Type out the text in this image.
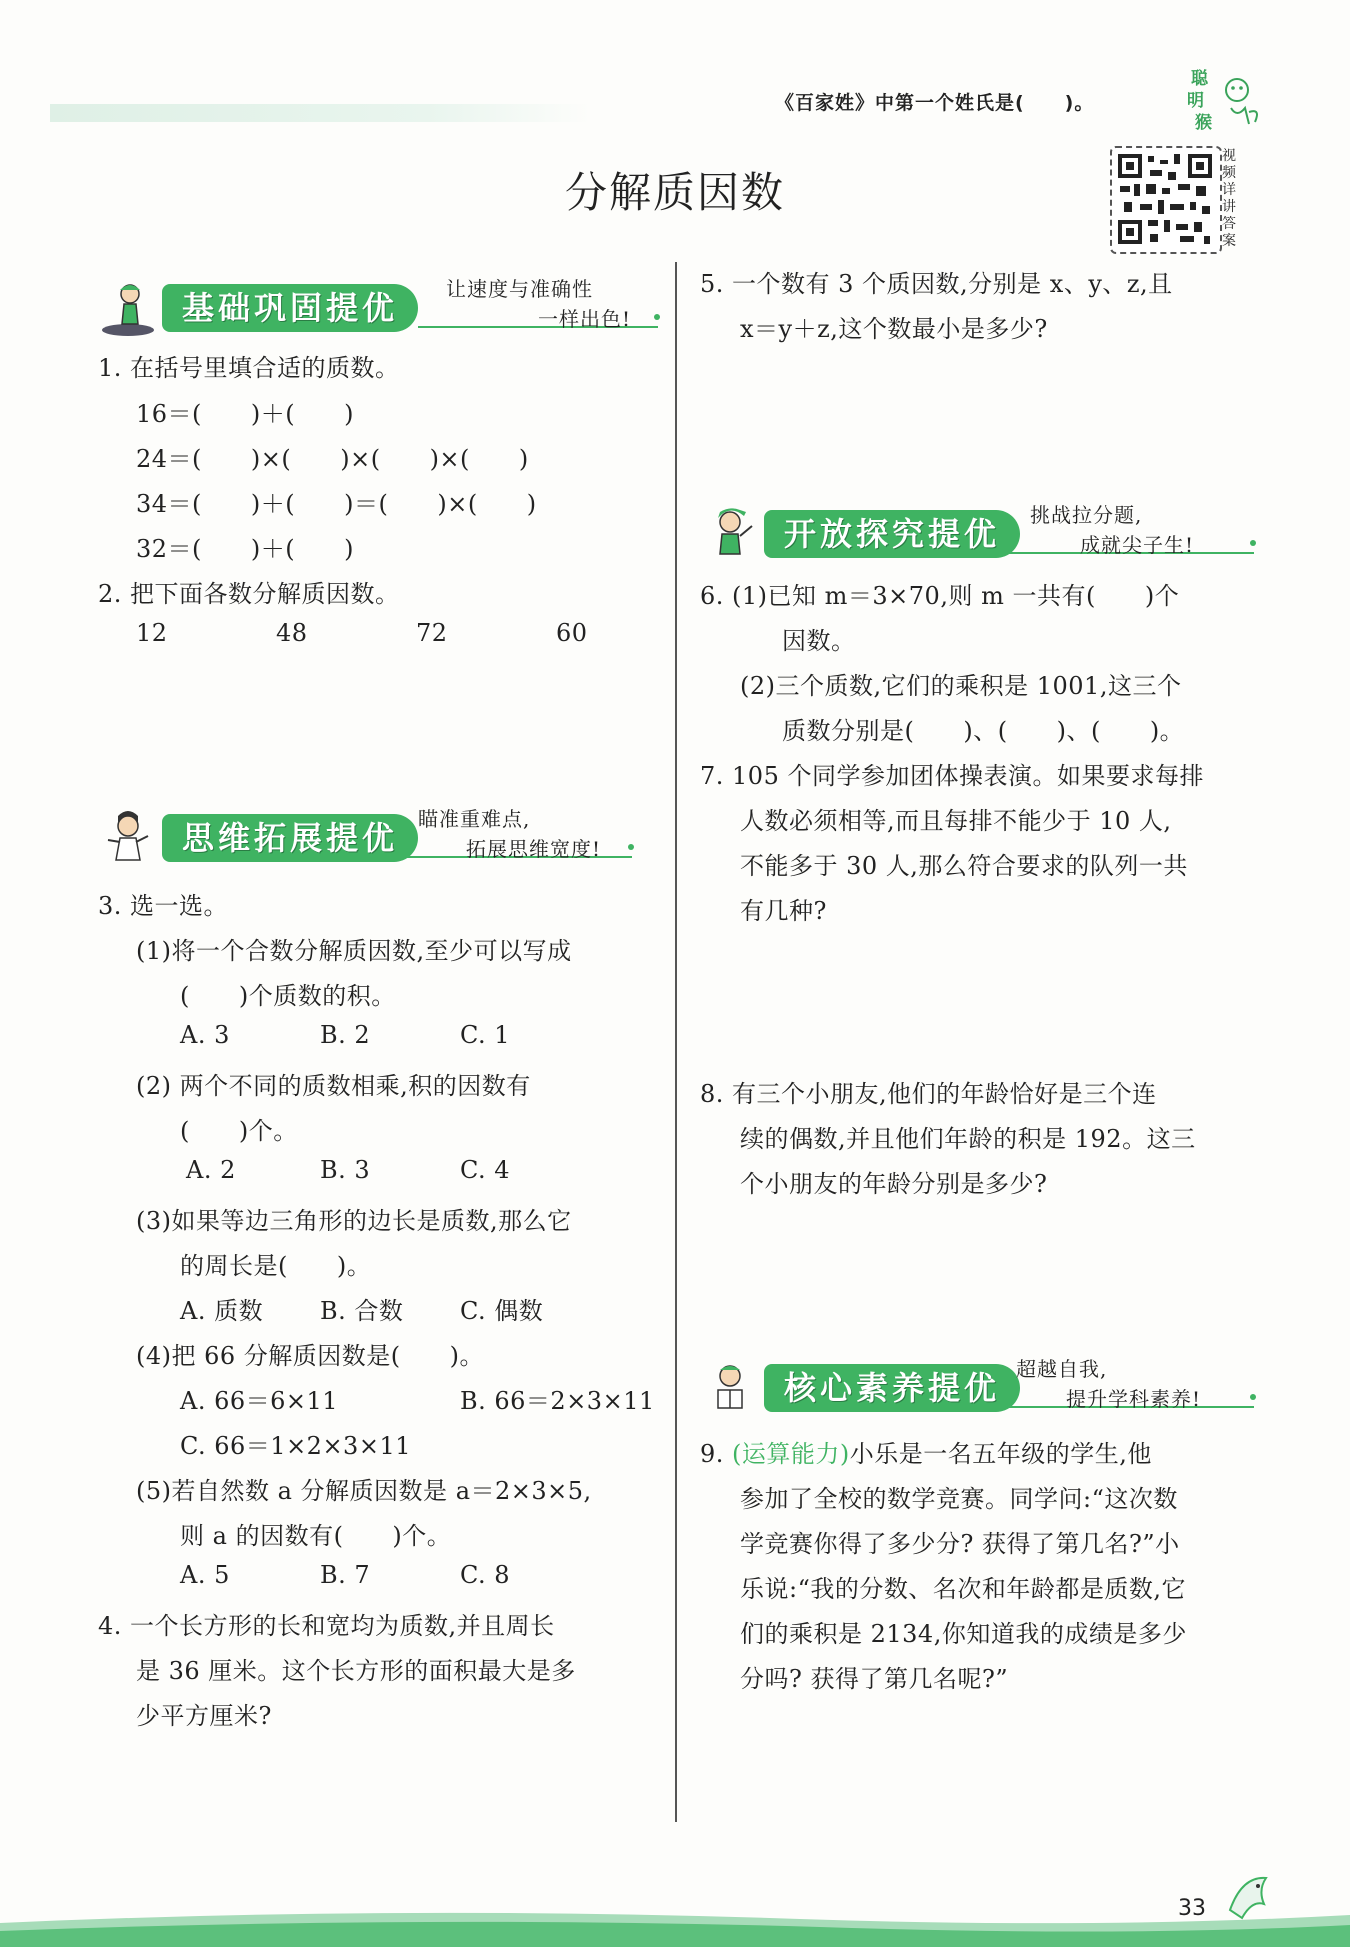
《百家姓》中第一个姓氏是(　　)。
聪
明
猴
视
频
详
讲
答
案
分解质因数
基础巩固提优	让速度与准确性
一样出色!
思维拓展提优 瞄准重难点,
拓展思维宽度!
开放探究提优	挑战拉分题,
成就尖子生!
核心素养提优 超越自我,
提升学科素养!
1. 在括号里填合适的质数。
16＝(　　)＋(　　)
24＝(　　)×(　　)×(　　)×(　　)
34＝(　　)＋(　　)＝(　　)×(　　)
32＝(　　)＋(　　)
2. 把下面各数分解质因数。
12	48	72	60
3. 选一选。
(1)将一个合数分解质因数,至少可以写成
(　　)个质数的积。
A. 3	B. 2	C. 1
(2) 两个不同的质数相乘,积的因数有
(　　)个。
A. 2	B. 3	C. 4
(3)如果等边三角形的边长是质数,那么它
的周长是(　　)。
A. 质数 B. 合数 C. 偶数
(4)把 66 分解质因数是(　　)。
A. 66＝6×11	B. 66＝2×3×11
C. 66＝1×2×3×11
(5)若自然数 a 分解质因数是 a＝2×3×5,
则 a 的因数有(　　)个。
A. 5	B. 7	C. 8
4. 一个长方形的长和宽均为质数,并且周长
是 36 厘米。这个长方形的面积最大是多
少平方厘米?
5. 一个数有 3 个质因数,分别是 x、y、z,且
x＝y＋z,这个数最小是多少?
6. (1)已知 m＝3×70,则 m 一共有(　　)个
因数。
(2)三个质数,它们的乘积是 1001,这三个
质数分别是(　　)、(　　)、(　　)。
7. 105 个同学参加团体操表演。如果要求每排
人数必须相等,而且每排不能少于 10 人,
不能多于 30 人,那么符合要求的队列一共
有几种?
8. 有三个小朋友,他们的年龄恰好是三个连
续的偶数,并且他们年龄的积是 192。这三
个小朋友的年龄分别是多少?
参加了全校的数学竞赛。同学问:“这次数
学竞赛你得了多少分? 获得了第几名?”小
乐说:“我的分数、名次和年龄都是质数,它
们的乘积是 2134,你知道我的成绩是多少
分吗? 获得了第几名呢?”
9. (运算能力)小乐是一名五年级的学生,他
33
